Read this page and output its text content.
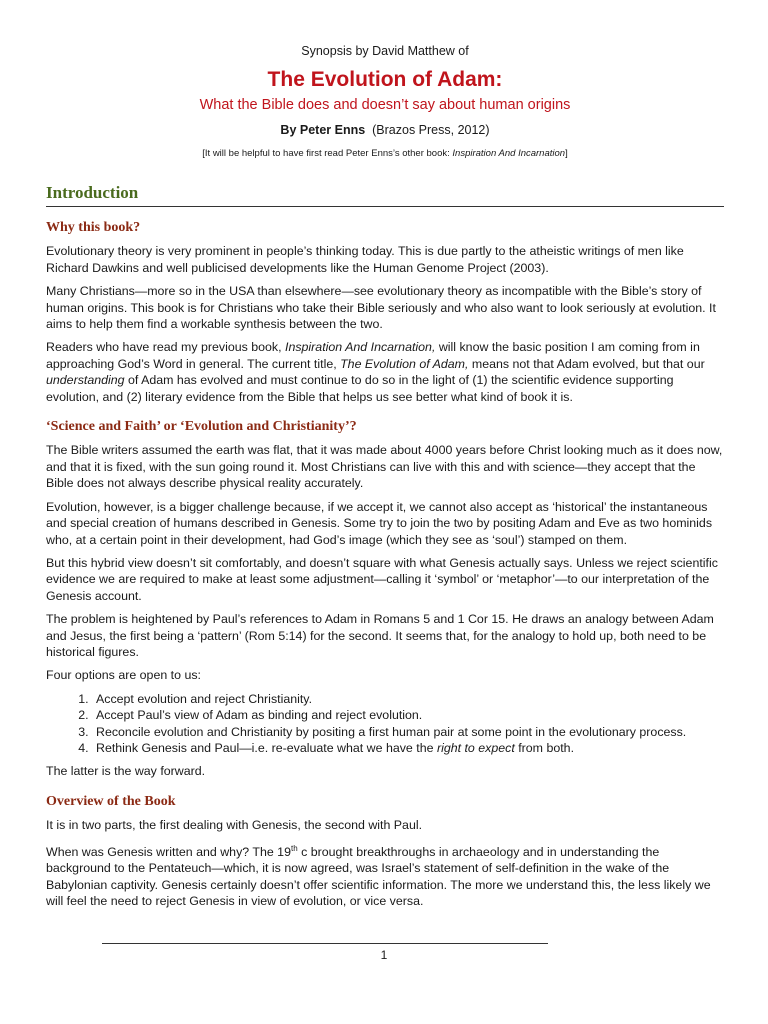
Synopsis by David Matthew of
The Evolution of Adam:
What the Bible does and doesn’t say about human origins
By Peter Enns (Brazos Press, 2012)
[It will be helpful to have first read Peter Enns’s other book: Inspiration And Incarnation]
Introduction
Why this book?

Evolutionary theory is very prominent in people’s thinking today. This is due partly to the atheistic writings of men like Richard Dawkins and well publicised developments like the Human Genome Project (2003).

Many Christians—more so in the USA than elsewhere—see evolutionary theory as incompatible with the Bible’s story of human origins. This book is for Christians who take their Bible seriously and who also want to look seriously at evolution. It aims to help them find a workable synthesis between the two.

Readers who have read my previous book, Inspiration And Incarnation, will know the basic position I am coming from in approaching God’s Word in general. The current title, The Evolution of Adam, means not that Adam evolved, but that our understanding of Adam has evolved and must continue to do so in the light of (1) the scientific evidence supporting evolution, and (2) literary evidence from the Bible that helps us see better what kind of book it is.

‘Science and Faith’ or ‘Evolution and Christianity’?

The Bible writers assumed the earth was flat, that it was made about 4000 years before Christ looking much as it does now, and that it is fixed, with the sun going round it. Most Christians can live with this and with science—they accept that the Bible does not always describe physical reality accurately.

Evolution, however, is a bigger challenge because, if we accept it, we cannot also accept as ‘historical’ the instantaneous and special creation of humans described in Genesis. Some try to join the two by positing Adam and Eve as two hominids who, at a certain point in their development, had God’s image (which they see as ‘soul’) stamped on them.

But this hybrid view doesn’t sit comfortably, and doesn’t square with what Genesis actually says. Unless we reject scientific evidence we are required to make at least some adjustment—calling it ‘symbol’ or ‘metaphor’—to our interpretation of the Genesis account.

The problem is heightened by Paul’s references to Adam in Romans 5 and 1 Cor 15. He draws an analogy between Adam and Jesus, the first being a ‘pattern’ (Rom 5:14) for the second. It seems that, for the analogy to hold up, both need to be historical figures.

Four options are open to us:

1. Accept evolution and reject Christianity.
2. Accept Paul’s view of Adam as binding and reject evolution.
3. Reconcile evolution and Christianity by positing a first human pair at some point in the evolutionary process.
4. Rethink Genesis and Paul—i.e. re-evaluate what we have the right to expect from both.

The latter is the way forward.

Overview of the Book

It is in two parts, the first dealing with Genesis, the second with Paul.

When was Genesis written and why? The 19th c brought breakthroughs in archaeology and in understanding the background to the Pentateuch—which, it is now agreed, was Israel’s statement of self-definition in the wake of the Babylonian captivity. Genesis certainly doesn’t offer scientific information. The more we understand this, the less likely we will feel the need to reject Genesis in view of evolution, or vice versa.

1
